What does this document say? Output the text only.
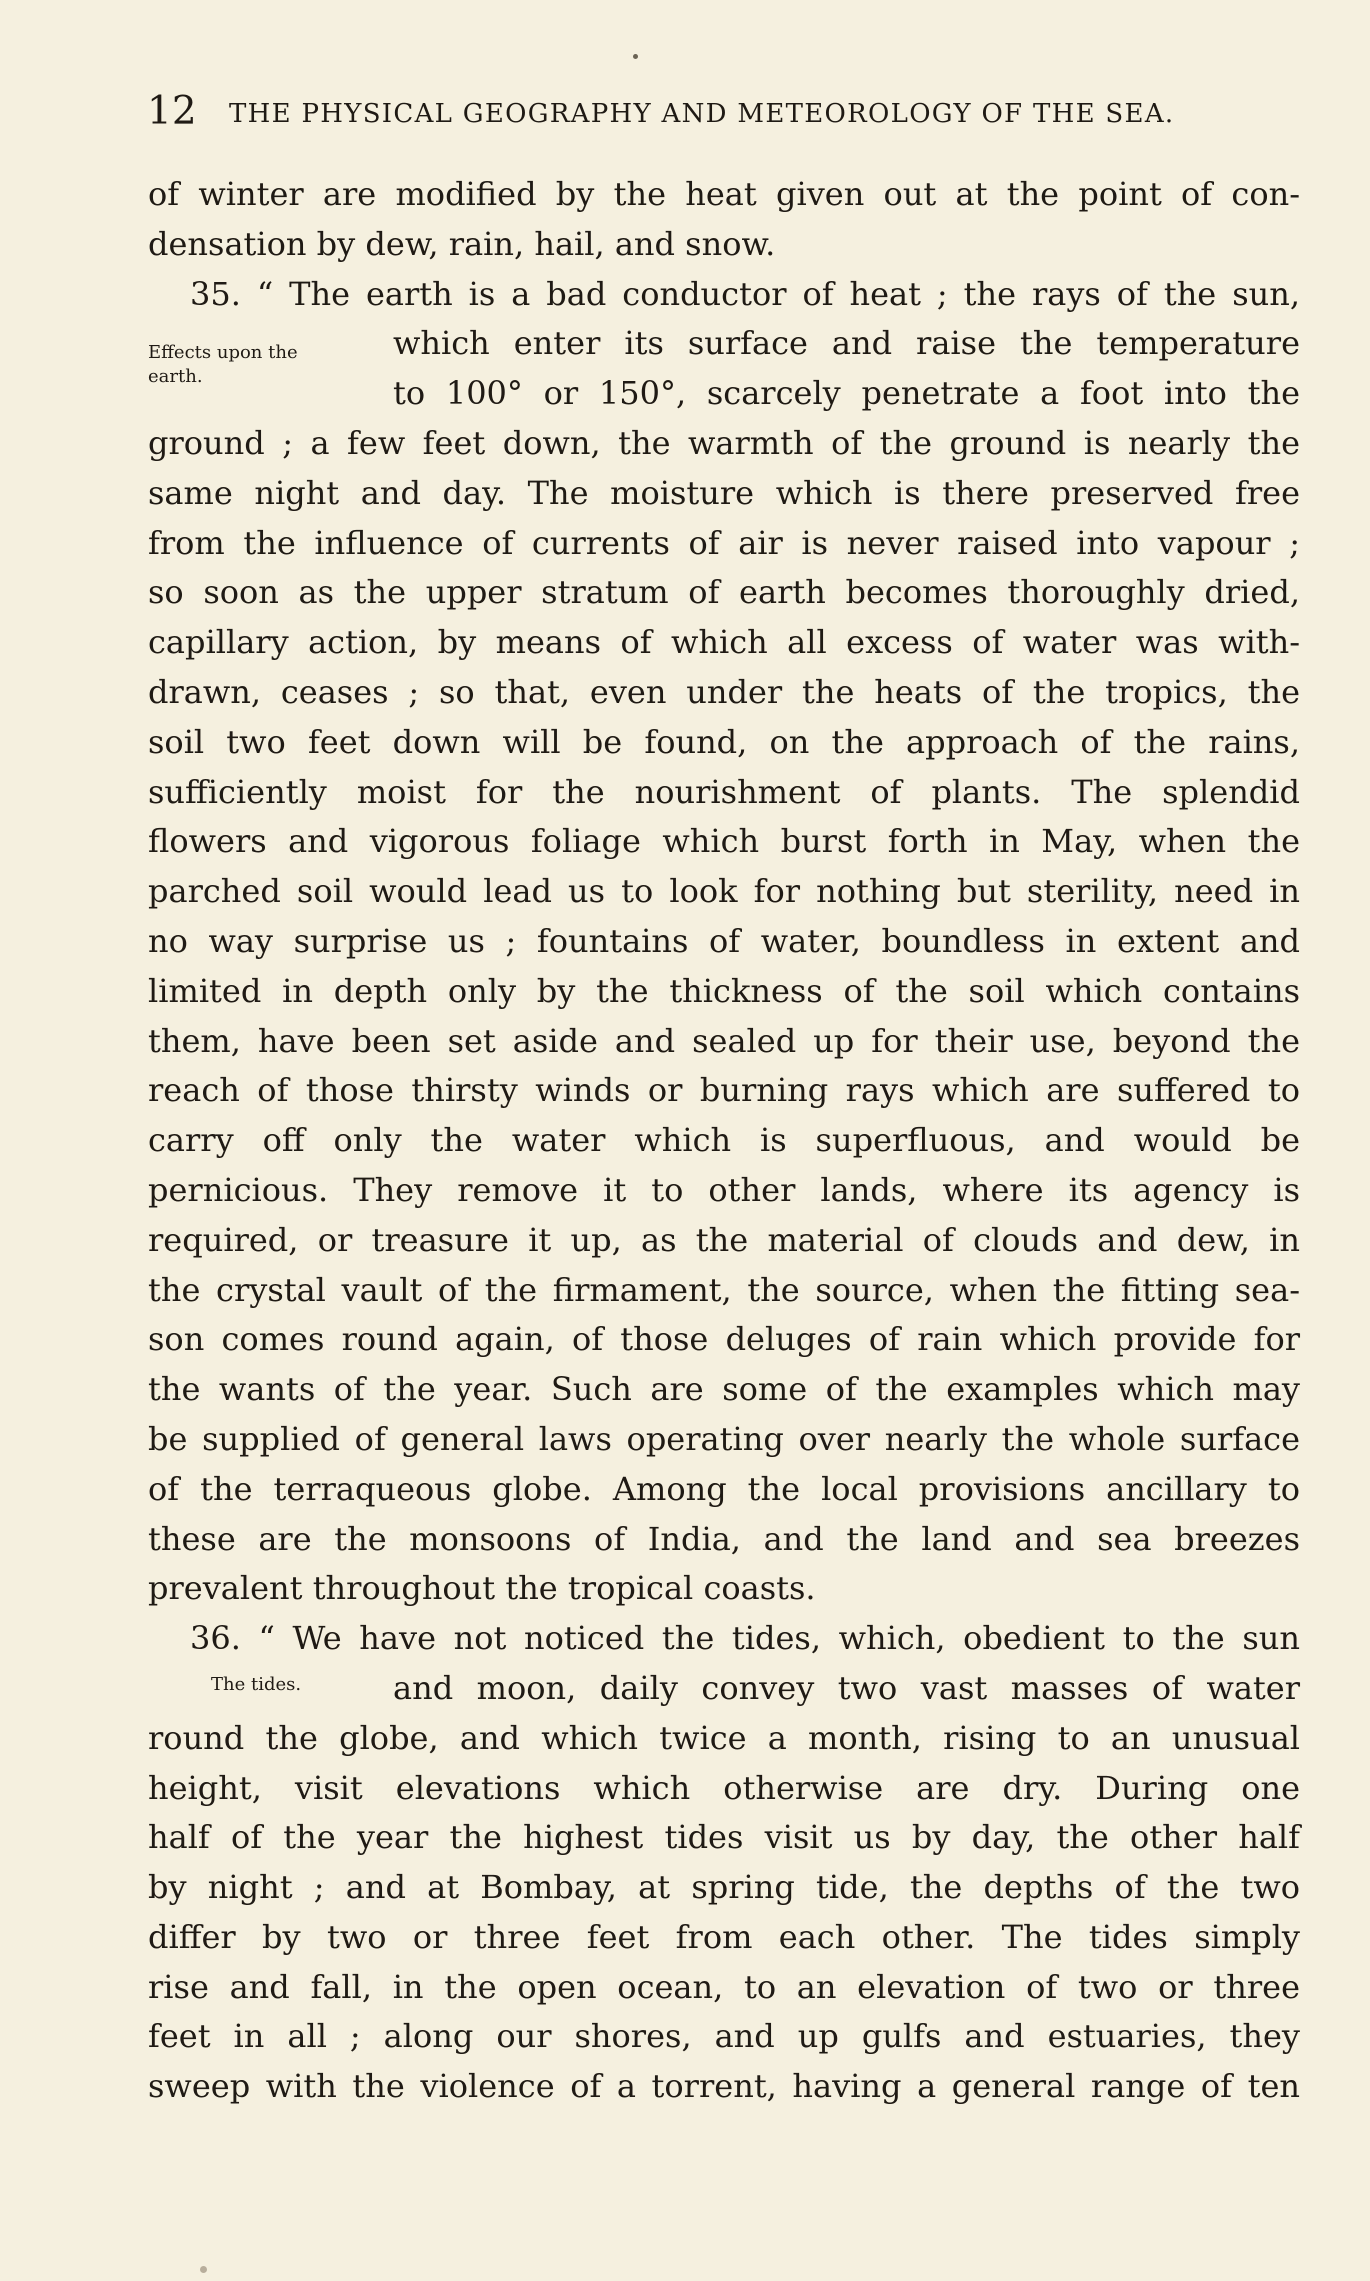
12 THE PHYSICAL GEOGRAPHY AND METEOROLOGY OF THE SEA.
Effects upon the
earth.
The tides.
of winter are modified by the heat given out at the point of con-
densation by dew, rain, hail, and snow.
35. “ The earth is a bad conductor of heat ; the rays of the sun,
which enter its surface and raise the temperature
to 100° or 150°, scarcely penetrate a foot into the
ground ; a few feet down, the warmth of the ground is nearly the
same night and day. The moisture which is there preserved free
from the influence of currents of air is never raised into vapour ;
so soon as the upper stratum of earth becomes thoroughly dried,
capillary action, by means of which all excess of water was with-
drawn, ceases ; so that, even under the heats of the tropics, the
soil two feet down will be found, on the approach of the rains,
sufficiently moist for the nourishment of plants. The splendid
flowers and vigorous foliage which burst forth in May, when the
parched soil would lead us to look for nothing but sterility, need in
no way surprise us ; fountains of water, boundless in extent and
limited in depth only by the thickness of the soil which contains
them, have been set aside and sealed up for their use, beyond the
reach of those thirsty winds or burning rays which are suffered to
carry off only the water which is superfluous, and would be
pernicious. They remove it to other lands, where its agency is
required, or treasure it up, as the material of clouds and dew, in
the crystal vault of the firmament, the source, when the fitting sea-
son comes round again, of those deluges of rain which provide for
the wants of the year. Such are some of the examples which may
be supplied of general laws operating over nearly the whole surface
of the terraqueous globe. Among the local provisions ancillary to
these are the monsoons of India, and the land and sea breezes
prevalent throughout the tropical coasts.
36. “ We have not noticed the tides, which, obedient to the sun
and moon, daily convey two vast masses of water
round the globe, and which twice a month, rising to an unusual
height, visit elevations which otherwise are dry. During one
half of the year the highest tides visit us by day, the other half
by night ; and at Bombay, at spring tide, the depths of the two
differ by two or three feet from each other. The tides simply
rise and fall, in the open ocean, to an elevation of two or three
feet in all ; along our shores, and up gulfs and estuaries, they
sweep with the violence of a torrent, having a general range of ten
